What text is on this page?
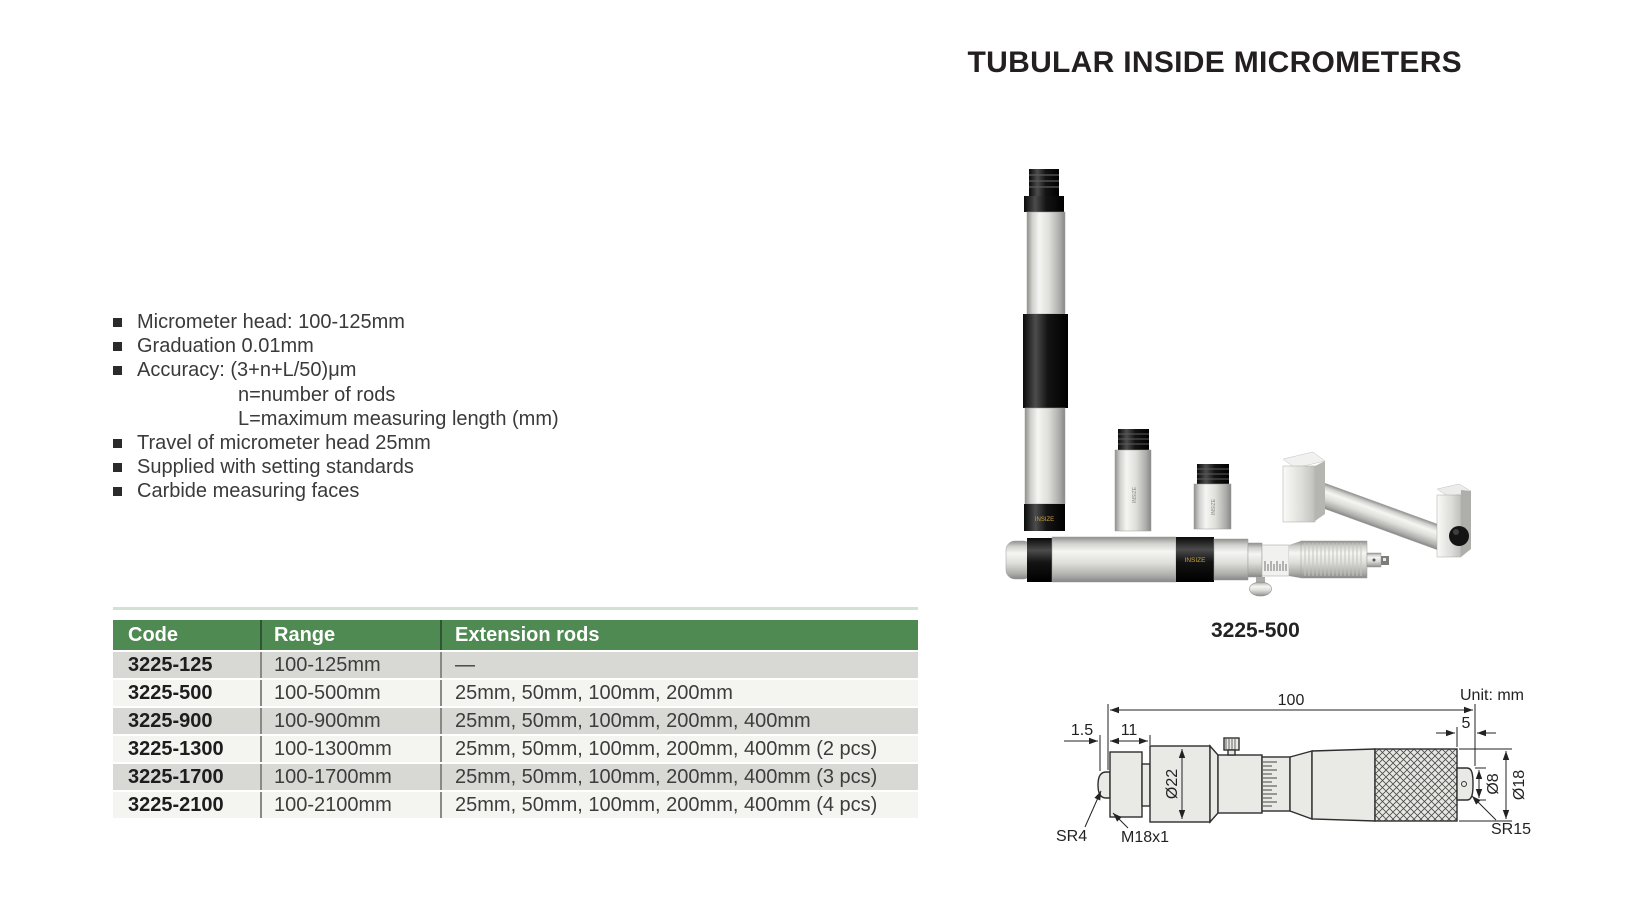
TUBULAR INSIDE MICROMETERS
Micrometer head: 100-125mm
Graduation 0.01mm
Accuracy: (3+n+L/50)μm
n=number of rods
L=maximum measuring length (mm)
Travel of micrometer head 25mm
Supplied with setting standards
Carbide measuring faces
Code	Range	Extension rods
3225-125	100-125mm	—
3225-500	100-500mm	25mm, 50mm, 100mm, 200mm
3225-900	100-900mm	25mm, 50mm, 100mm, 200mm, 400mm
3225-1300	100-1300mm	25mm, 50mm, 100mm, 200mm, 400mm (2 pcs)
3225-1700	100-1700mm	25mm, 50mm, 100mm, 200mm, 400mm (3 pcs)
3225-2100	100-2100mm	25mm, 50mm, 100mm, 200mm, 400mm (4 pcs)
INSIZE
INSIZE
INSIZE
INSIZE
3225-500
Unit: mm
100
1.5 11	5
Ø22	Ø8 Ø18
SR4 M18x1	SR15
